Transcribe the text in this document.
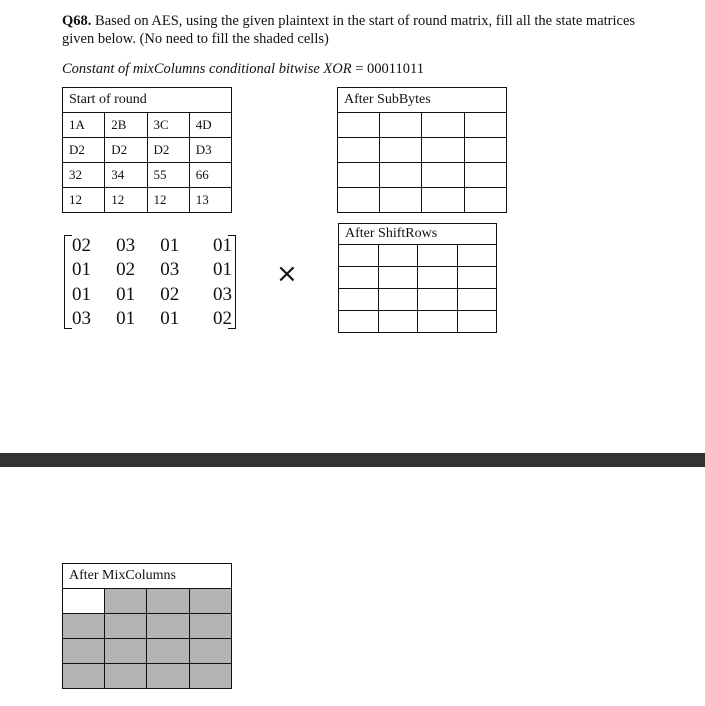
Q68. Based on AES, using the given plaintext in the start of round matrix, fill all the state matrices given below. (No need to fill the shaded cells)
Constant of mixColumns conditional bitwise XOR = 00011011
Start of round			
1A	2B	3C	4D
D2	D2	D2	D3
32	34	55	66
12	12	12	13
After SubBytes			

After ShiftRows			

02	03	01	01
01	02	03	01
01	01	02	03
03	01	01	02
×
After MixColumns			
